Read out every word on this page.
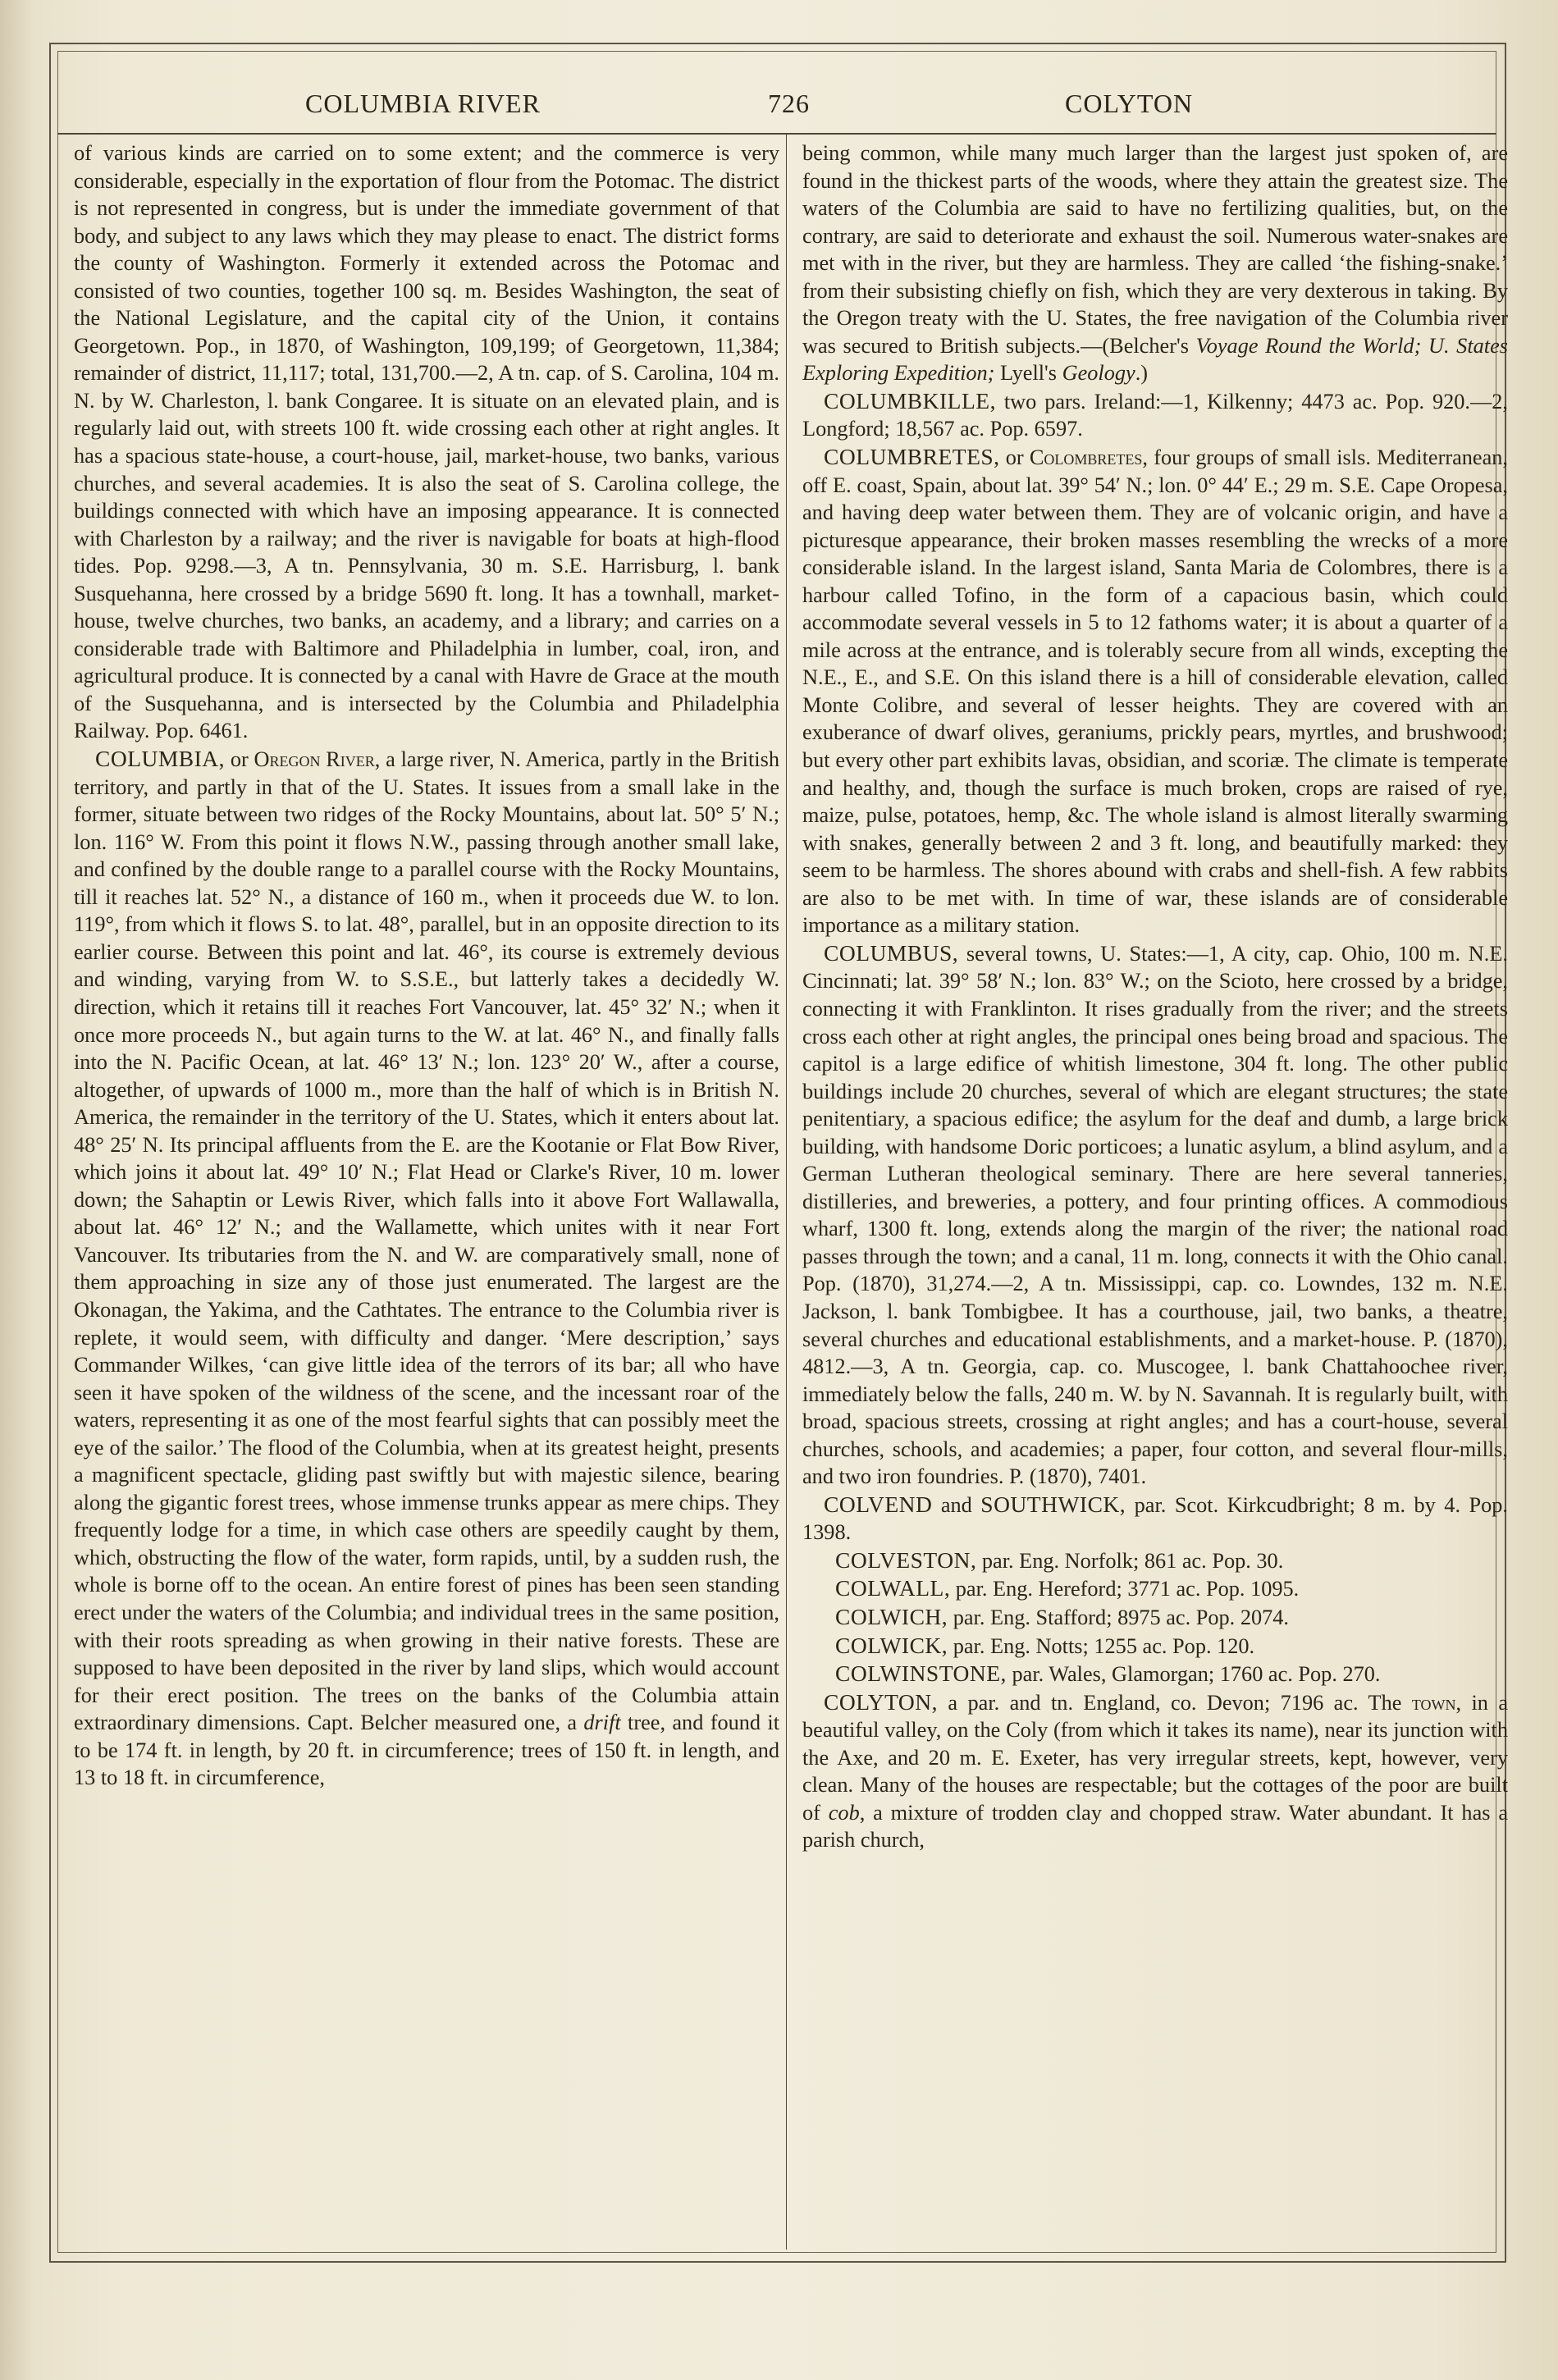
COLUMBIA RIVER	726	COLYTON

of various kinds are carried on to some extent; and the commerce is very considerable, especially in the exportation of flour from the Potomac. The district is not represented in congress, but is under the immediate government of that body, and subject to any laws which they may please to enact. The district forms the county of Washington. Formerly it extended across the Potomac and consisted of two counties, together 100 sq. m. Besides Washington, the seat of the National Legislature, and the capital city of the Union, it contains Georgetown. Pop., in 1870, of Washington, 109,199; of Georgetown, 11,384; remainder of district, 11,117; total, 131,700.—2, A tn. cap. of S. Carolina, 104 m. N. by W. Charleston, l. bank Congaree. It is situate on an elevated plain, and is regularly laid out, with streets 100 ft. wide crossing each other at right angles. It has a spacious state-house, a court-house, jail, market-house, two banks, various churches, and several academies. It is also the seat of S. Carolina college, the buildings connected with which have an imposing appearance. It is connected with Charleston by a railway; and the river is navigable for boats at high-flood tides. Pop. 9298.—3, A tn. Pennsylvania, 30 m. S.E. Harrisburg, l. bank Susquehanna, here crossed by a bridge 5690 ft. long. It has a townhall, market-house, twelve churches, two banks, an academy, and a library; and carries on a considerable trade with Baltimore and Philadelphia in lumber, coal, iron, and agricultural produce. It is connected by a canal with Havre de Grace at the mouth of the Susquehanna, and is intersected by the Columbia and Philadelphia Railway. Pop. 6461.

COLUMBIA, or Oregon River, a large river, N. America, partly in the British territory, and partly in that of the U. States. It issues from a small lake in the former, situate between two ridges of the Rocky Mountains, about lat. 50° 5′ N.; lon. 116° W. From this point it flows N.W., passing through another small lake, and confined by the double range to a parallel course with the Rocky Mountains, till it reaches lat. 52° N., a distance of 160 m., when it proceeds due W. to lon. 119°, from which it flows S. to lat. 48°, parallel, but in an opposite direction to its earlier course. Between this point and lat. 46°, its course is extremely devious and winding, varying from W. to S.S.E., but latterly takes a decidedly W. direction, which it retains till it reaches Fort Vancouver, lat. 45° 32′ N.; when it once more proceeds N., but again turns to the W. at lat. 46° N., and finally falls into the N. Pacific Ocean, at lat. 46° 13′ N.; lon. 123° 20′ W., after a course, altogether, of upwards of 1000 m., more than the half of which is in British N. America, the remainder in the territory of the U. States, which it enters about lat. 48° 25′ N. Its principal affluents from the E. are the Kootanie or Flat Bow River, which joins it about lat. 49° 10′ N.; Flat Head or Clarke's River, 10 m. lower down; the Sahaptin or Lewis River, which falls into it above Fort Wallawalla, about lat. 46° 12′ N.; and the Wallamette, which unites with it near Fort Vancouver. Its tributaries from the N. and W. are comparatively small, none of them approaching in size any of those just enumerated. The largest are the Okonagan, the Yakima, and the Cathtates. The entrance to the Columbia river is replete, it would seem, with difficulty and danger. ‘Mere description,’ says Commander Wilkes, ‘can give little idea of the terrors of its bar; all who have seen it have spoken of the wildness of the scene, and the incessant roar of the waters, representing it as one of the most fearful sights that can possibly meet the eye of the sailor.’ The flood of the Columbia, when at its greatest height, presents a magnificent spectacle, gliding past swiftly but with majestic silence, bearing along the gigantic forest trees, whose immense trunks appear as mere chips. They frequently lodge for a time, in which case others are speedily caught by them, which, obstructing the flow of the water, form rapids, until, by a sudden rush, the whole is borne off to the ocean. An entire forest of pines has been seen standing erect under the waters of the Columbia; and individual trees in the same position, with their roots spreading as when growing in their native forests. These are supposed to have been deposited in the river by land slips, which would account for their erect position. The trees on the banks of the Columbia attain extraordinary dimensions. Capt. Belcher measured one, a drift tree, and found it to be 174 ft. in length, by 20 ft. in circumference; trees of 150 ft. in length, and 13 to 18 ft. in circumference,

being common, while many much larger than the largest just spoken of, are found in the thickest parts of the woods, where they attain the greatest size. The waters of the Columbia are said to have no fertilizing qualities, but, on the contrary, are said to deteriorate and exhaust the soil. Numerous water-snakes are met with in the river, but they are harmless. They are called ‘the fishing-snake.’ from their subsisting chiefly on fish, which they are very dexterous in taking. By the Oregon treaty with the U. States, the free navigation of the Columbia river was secured to British subjects.—(Belcher's Voyage Round the World; U. States Exploring Expedition; Lyell's Geology.)

COLUMBKILLE, two pars. Ireland:—1, Kilkenny; 4473 ac. Pop. 920.—2, Longford; 18,567 ac. Pop. 6597.

COLUMBRETES, or Colombretes, four groups of small isls. Mediterranean, off E. coast, Spain, about lat. 39° 54′ N.; lon. 0° 44′ E.; 29 m. S.E. Cape Oropesa, and having deep water between them. They are of volcanic origin, and have a picturesque appearance, their broken masses resembling the wrecks of a more considerable island. In the largest island, Santa Maria de Colombres, there is a harbour called Tofino, in the form of a capacious basin, which could accommodate several vessels in 5 to 12 fathoms water; it is about a quarter of a mile across at the entrance, and is tolerably secure from all winds, excepting the N.E., E., and S.E. On this island there is a hill of considerable elevation, called Monte Colibre, and several of lesser heights. They are covered with an exuberance of dwarf olives, geraniums, prickly pears, myrtles, and brushwood; but every other part exhibits lavas, obsidian, and scoriæ. The climate is temperate and healthy, and, though the surface is much broken, crops are raised of rye, maize, pulse, potatoes, hemp, &c. The whole island is almost literally swarming with snakes, generally between 2 and 3 ft. long, and beautifully marked: they seem to be harmless. The shores abound with crabs and shell-fish. A few rabbits are also to be met with. In time of war, these islands are of considerable importance as a military station.

COLUMBUS, several towns, U. States:—1, A city, cap. Ohio, 100 m. N.E. Cincinnati; lat. 39° 58′ N.; lon. 83° W.; on the Scioto, here crossed by a bridge, connecting it with Franklinton. It rises gradually from the river; and the streets cross each other at right angles, the principal ones being broad and spacious. The capitol is a large edifice of whitish limestone, 304 ft. long. The other public buildings include 20 churches, several of which are elegant structures; the state penitentiary, a spacious edifice; the asylum for the deaf and dumb, a large brick building, with handsome Doric porticoes; a lunatic asylum, a blind asylum, and a German Lutheran theological seminary. There are here several tanneries, distilleries, and breweries, a pottery, and four printing offices. A commodious wharf, 1300 ft. long, extends along the margin of the river; the national road passes through the town; and a canal, 11 m. long, connects it with the Ohio canal. Pop. (1870), 31,274.—2, A tn. Mississippi, cap. co. Lowndes, 132 m. N.E. Jackson, l. bank Tombigbee. It has a courthouse, jail, two banks, a theatre, several churches and educational establishments, and a market-house. P. (1870), 4812.—3, A tn. Georgia, cap. co. Muscogee, l. bank Chattahoochee river, immediately below the falls, 240 m. W. by N. Savannah. It is regularly built, with broad, spacious streets, crossing at right angles; and has a court-house, several churches, schools, and academies; a paper, four cotton, and several flour-mills, and two iron foundries. P. (1870), 7401.

COLVEND and SOUTHWICK, par. Scot. Kirkcudbright; 8 m. by 4. Pop. 1398.

COLVESTON, par. Eng. Norfolk; 861 ac. Pop. 30.

COLWALL, par. Eng. Hereford; 3771 ac. Pop. 1095.

COLWICH, par. Eng. Stafford; 8975 ac. Pop. 2074.

COLWICK, par. Eng. Notts; 1255 ac. Pop. 120.

COLWINSTONE, par. Wales, Glamorgan; 1760 ac. Pop. 270.

COLYTON, a par. and tn. England, co. Devon; 7196 ac. The town, in a beautiful valley, on the Coly (from which it takes its name), near its junction with the Axe, and 20 m. E. Exeter, has very irregular streets, kept, however, very clean. Many of the houses are respectable; but the cottages of the poor are built of cob, a mixture of trodden clay and chopped straw. Water abundant. It has a parish church,
